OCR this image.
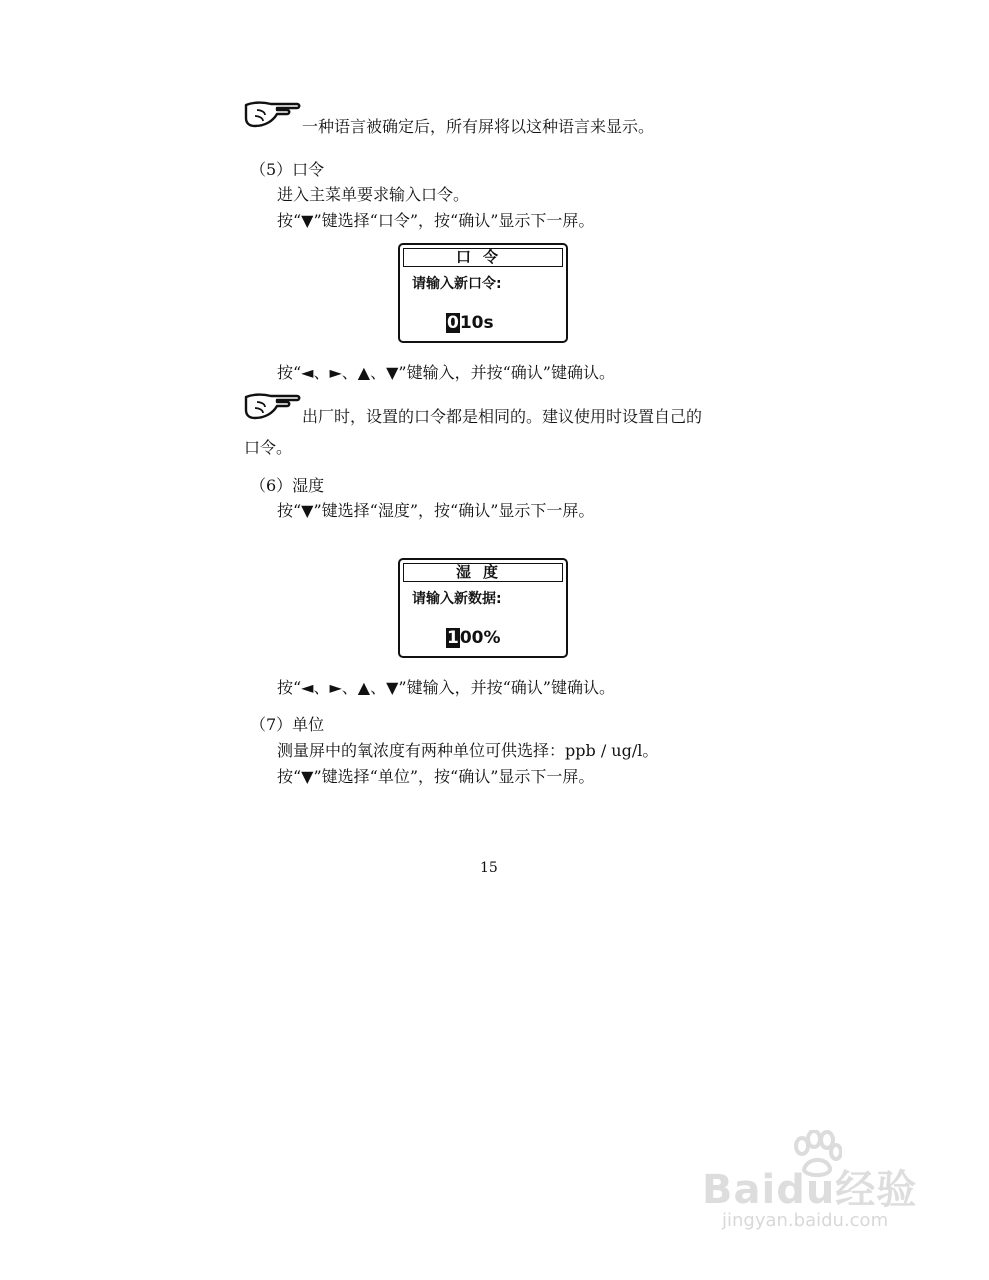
一种语言被确定后，所有屏将以这种语言来显示。
（5）口令
进入主菜单要求输入口令。
按“▼”键选择“口令”，按“确认”显示下一屏。
口令
请输入新口令:
010s
按“◄、►、▲、▼”键输入，并按“确认”键确认。
出厂时，设置的口令都是相同的。建议使用时设置自己的
口令。
（6）湿度
按“▼”键选择“湿度”，按“确认”显示下一屏。
湿度
请输入新数据:
100%
按“◄、►、▲、▼”键输入，并按“确认”键确认。
（7）单位
测量屏中的氧浓度有两种单位可供选择：ppb / ug/l。
按“▼”键选择“单位”，按“确认”显示下一屏。
15
Baidu经验
jingyan.baidu.com
